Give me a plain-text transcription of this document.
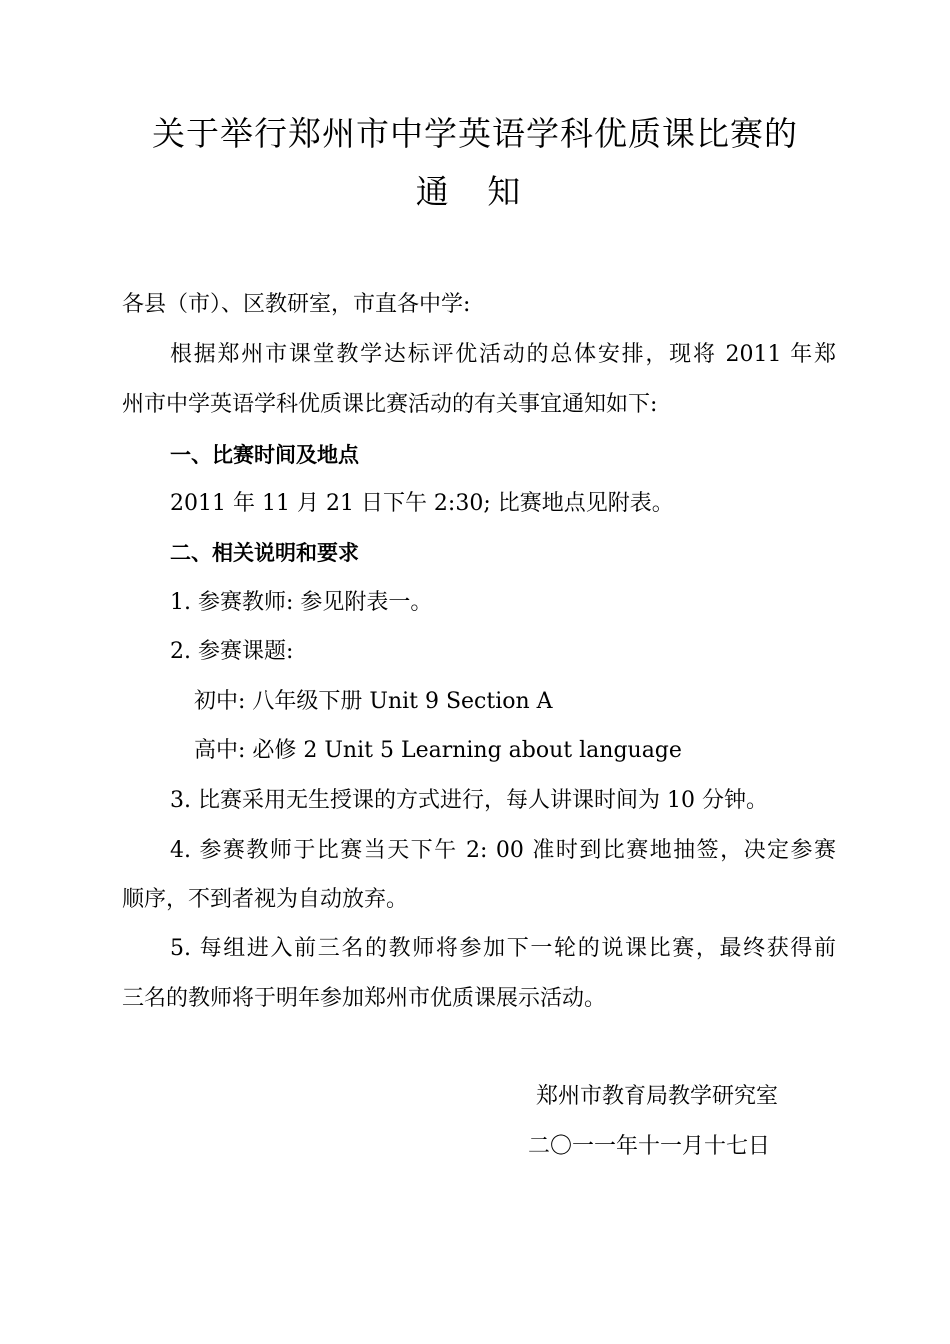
关于举行郑州市中学英语学科优质课比赛的
通 知
各县（市）、区教研室，市直各中学:
根据郑州市课堂教学达标评优活动的总体安排，现将 2011 年郑
州市中学英语学科优质课比赛活动的有关事宜通知如下:
一、比赛时间及地点
2011 年 11 月 21 日下午 2:30; 比赛地点见附表。
二、相关说明和要求
1. 参赛教师: 参见附表一。
2. 参赛课题:
初中: 八年级下册 Unit 9 Section A
高中: 必修 2 Unit 5 Learning about language
3. 比赛采用无生授课的方式进行，每人讲课时间为 10 分钟。
4. 参赛教师于比赛当天下午 2: 00 准时到比赛地抽签，决定参赛
顺序，不到者视为自动放弃。
5. 每组进入前三名的教师将参加下一轮的说课比赛，最终获得前
三名的教师将于明年参加郑州市优质课展示活动。
郑州市教育局教学研究室
二〇一一年十一月十七日
